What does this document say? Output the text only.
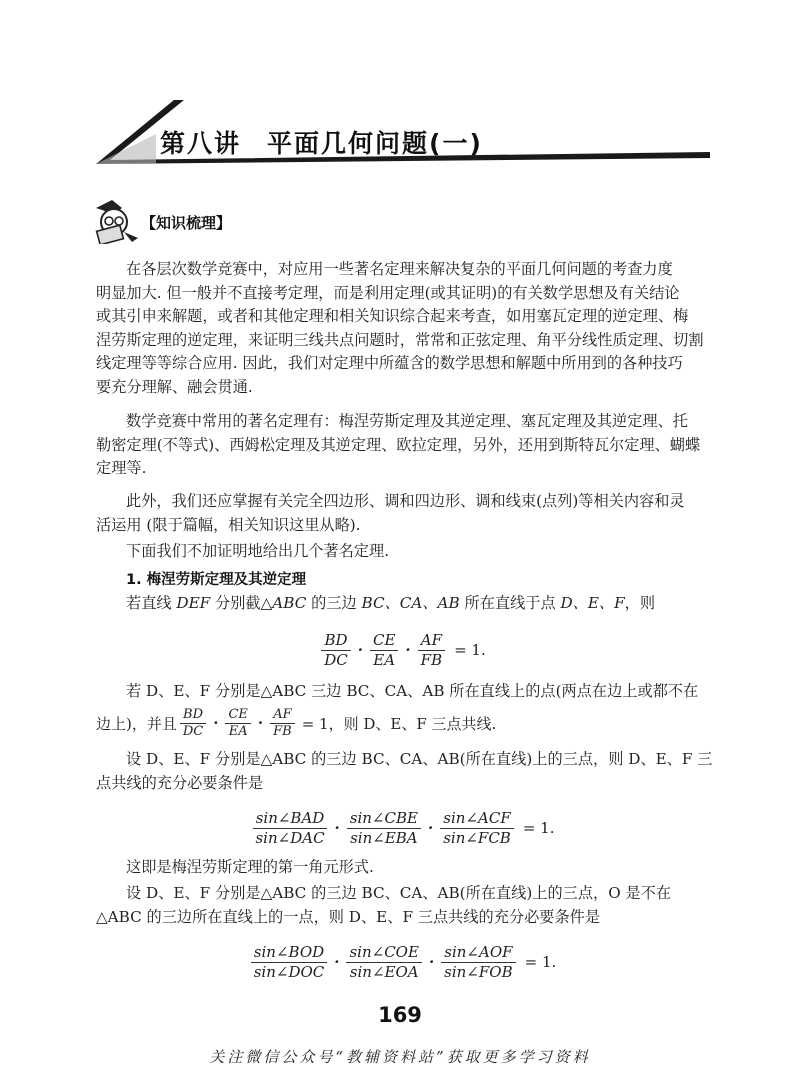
第八讲 平面几何问题(一)
【知识梳理】
在各层次数学竞赛中，对应用一些著名定理来解决复杂的平面几何问题的考查力度
明显加大. 但一般并不直接考定理，而是利用定理(或其证明)的有关数学思想及有关结论
或其引申来解题，或者和其他定理和相关知识综合起来考查，如用塞瓦定理的逆定理、梅
涅劳斯定理的逆定理，来证明三线共点问题时，常常和正弦定理、角平分线性质定理、切割
线定理等等综合应用. 因此，我们对定理中所蕴含的数学思想和解题中所用到的各种技巧
要充分理解、融会贯通.
数学竞赛中常用的著名定理有：梅涅劳斯定理及其逆定理、塞瓦定理及其逆定理、托
勒密定理(不等式)、西姆松定理及其逆定理、欧拉定理，另外，还用到斯特瓦尔定理、蝴蝶
定理等.
此外，我们还应掌握有关完全四边形、调和四边形、调和线束(点列)等相关内容和灵
活运用 (限于篇幅，相关知识这里从略).
下面我们不加证明地给出几个著名定理.
1. 梅涅劳斯定理及其逆定理
若直线 DEF 分别截△ABC 的三边 BC、CA、AB 所在直线于点 D、E、F，则
$\frac{BD}{DC} \cdot \frac{CE}{EA} \cdot \frac{AF}{FB} = 1$.
若 D、E、F 分别是△ABC 三边 BC、CA、AB 所在直线上的点(两点在边上或都不在
边上)，并且 $\frac{BD}{DC} \cdot \frac{CE}{EA} \cdot \frac{AF}{FB} = 1$，则 D、E、F 三点共线.
设 D、E、F 分别是△ABC 的三边 BC、CA、AB(所在直线)上的三点，则 D、E、F 三
点共线的充分必要条件是
$\frac{\text{sin∠BAD}}{\text{sin∠DAC}} \cdot \frac{\text{sin∠CBE}}{\text{sin∠EBA}} \cdot \frac{\text{sin∠ACF}}{\text{sin∠FCB}} = 1$.
这即是梅涅劳斯定理的第一角元形式.
设 D、E、F 分别是△ABC 的三边 BC、CA、AB(所在直线)上的三点，O 是不在
△ABC 的三边所在直线上的一点，则 D、E、F 三点共线的充分必要条件是
$\frac{\text{sin∠BOD}}{\text{sin∠DOC}} \cdot \frac{\text{sin∠COE}}{\text{sin∠EOA}} \cdot \frac{\text{sin∠AOF}}{\text{sin∠FOB}} = 1$.
169
关注微信公众号“教辅资料站”获取更多学习资料
